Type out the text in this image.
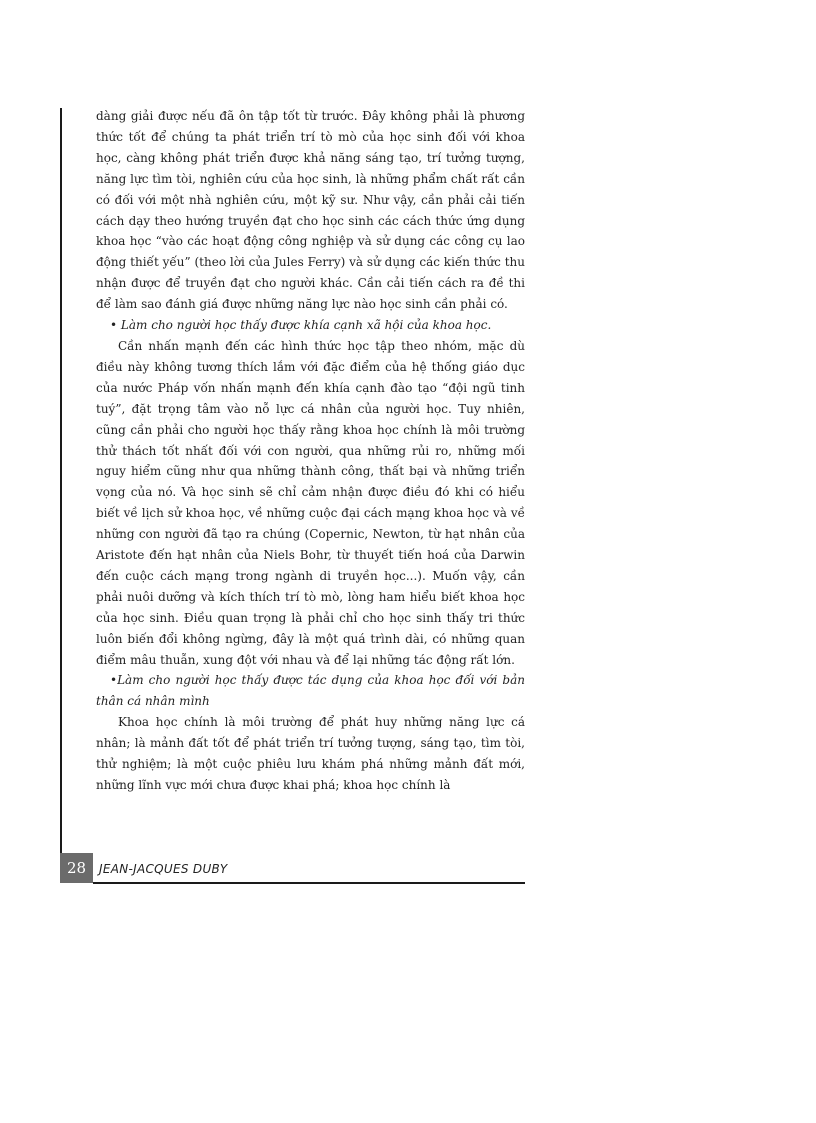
dàng giải được nếu đã ôn tập tốt từ trước. Đây không phải là phương thức tốt để chúng ta phát triển trí tò mò của học sinh đối với khoa học, càng không phát triển được khả năng sáng tạo, trí tưởng tượng, năng lực tìm tòi, nghiên cứu của học sinh, là những phẩm chất rất cần có đối với một nhà nghiên cứu, một kỹ sư. Như vậy, cần phải cải tiến cách dạy theo hướng truyền đạt cho học sinh các cách thức ứng dụng khoa học “vào các hoạt động công nghiệp và sử dụng các công cụ lao động thiết yếu” (theo lời của Jules Ferry) và sử dụng các kiến thức thu nhận được để truyền đạt cho người khác. Cần cải tiến cách ra đề thi để làm sao đánh giá được những năng lực nào học sinh cần phải có.

• Làm cho người học thấy được khía cạnh xã hội của khoa học.

Cần nhấn mạnh đến các hình thức học tập theo nhóm, mặc dù điều này không tương thích lắm với đặc điểm của hệ thống giáo dục của nước Pháp vốn nhấn mạnh đến khía cạnh đào tạo “đội ngũ tinh tuý”, đặt trọng tâm vào nỗ lực cá nhân của người học. Tuy nhiên, cũng cần phải cho người học thấy rằng khoa học chính là môi trường thử thách tốt nhất đối với con người, qua những rủi ro, những mối nguy hiểm cũng như qua những thành công, thất bại và những triển vọng của nó. Và học sinh sẽ chỉ cảm nhận được điều đó khi có hiểu biết về lịch sử khoa học, về những cuộc đại cách mạng khoa học và về những con người đã tạo ra chúng (Copernic, Newton, từ hạt nhân của Aristote đến hạt nhân của Niels Bohr, từ thuyết tiến hoá của Darwin đến cuộc cách mạng trong ngành di truyền học...). Muốn vậy, cần phải nuôi dưỡng và kích thích trí tò mò, lòng ham hiểu biết khoa học của học sinh. Điều quan trọng là phải chỉ cho học sinh thấy tri thức luôn biến đổi không ngừng, đây là một quá trình dài, có những quan điểm mâu thuẫn, xung đột với nhau và để lại những tác động rất lớn.

•Làm cho người học thấy được tác dụng của khoa học đối với bản thân cá nhân mình

Khoa học chính là môi trường để phát huy những năng lực cá nhân; là mảnh đất tốt để phát triển trí tưởng tượng, sáng tạo, tìm tòi, thử nghiệm; là một cuộc phiêu lưu khám phá những mảnh đất mới, những lĩnh vực mới chưa được khai phá; khoa học chính là

28 JEAN-JACQUES DUBY
